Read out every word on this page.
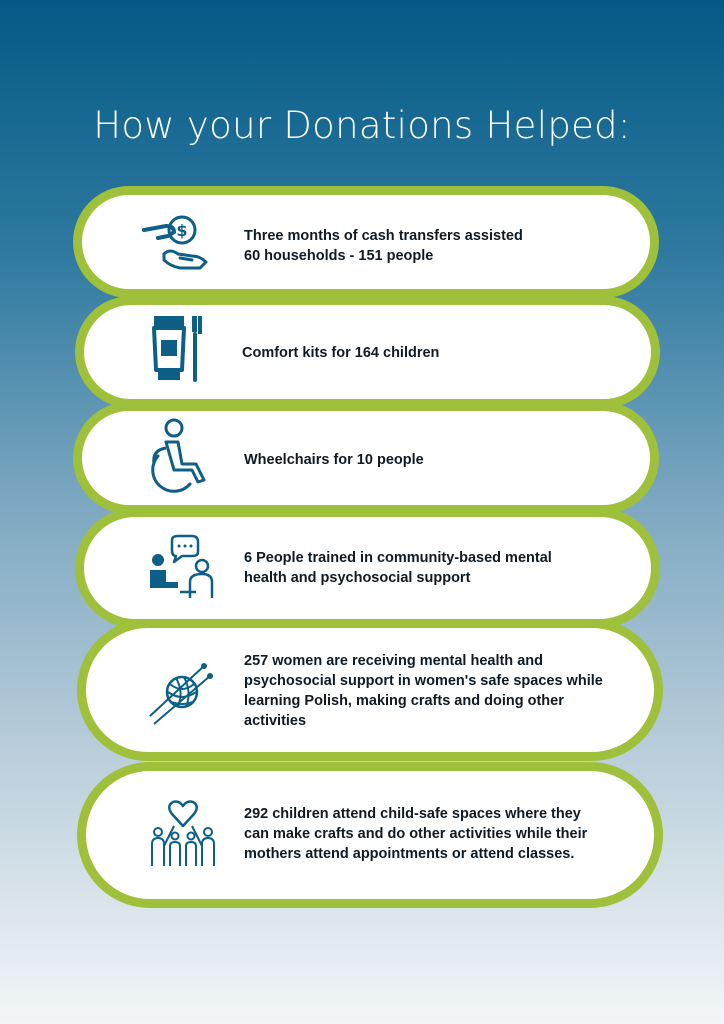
How your Donations Helped:
$	Three months of cash transfers assisted
60 households - 151 people
Comfort kits for 164 children
Wheelchairs for 10 people
6 People trained in community-based mental
health and psychosocial support
257 women are receiving mental health and
psychosocial support in women's safe spaces while
learning Polish, making crafts and doing other
activities
292 children attend child-safe spaces where they
can make crafts and do other activities while their
mothers attend appointments or attend classes.
